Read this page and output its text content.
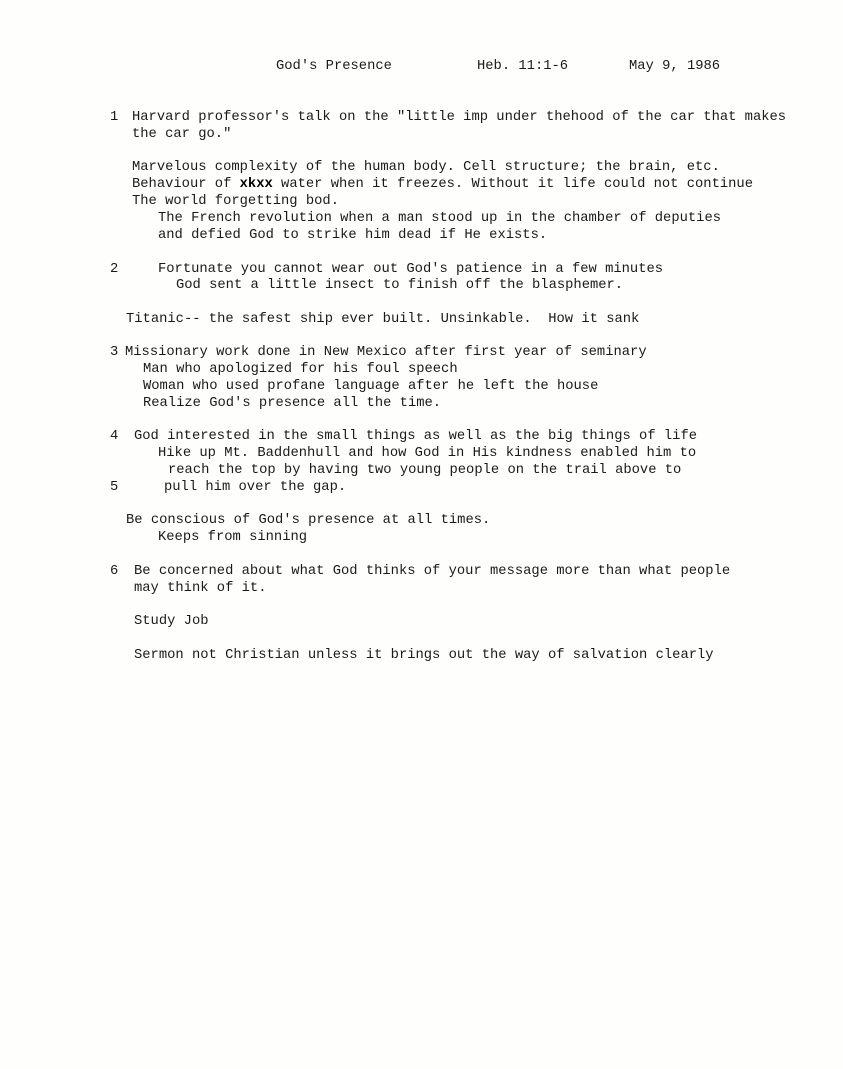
God's Presence	Heb. 11:1-6	May 9, 1986
1 Harvard professor's talk on the "little imp under thehood of the car that makes
the car go."
Marvelous complexity of the human body. Cell structure; the brain, etc.
Behaviour of xkxx water when it freezes. Without it life could not continue
The world forgetting bod.
The French revolution when a man stood up in the chamber of deputies
and defied God to strike him dead if He exists.
2	Fortunate you cannot wear out God's patience in a few minutes
God sent a little insect to finish off the blasphemer.
Titanic-- the safest ship ever built. Unsinkable.  How it sank
3 Missionary work done in New Mexico after first year of seminary
Man who apologized for his foul speech
Woman who used profane language after he left the house
Realize God's presence all the time.
4 God interested in the small things as well as the big things of life
Hike up Mt. Baddenhull and how God in His kindness enabled him to
reach the top by having two young people on the trail above to
5	pull him over the gap.
Be conscious of God's presence at all times.
Keeps from sinning
6 Be concerned about what God thinks of your message more than what people
may think of it.
Study Job
Sermon not Christian unless it brings out the way of salvation clearly
